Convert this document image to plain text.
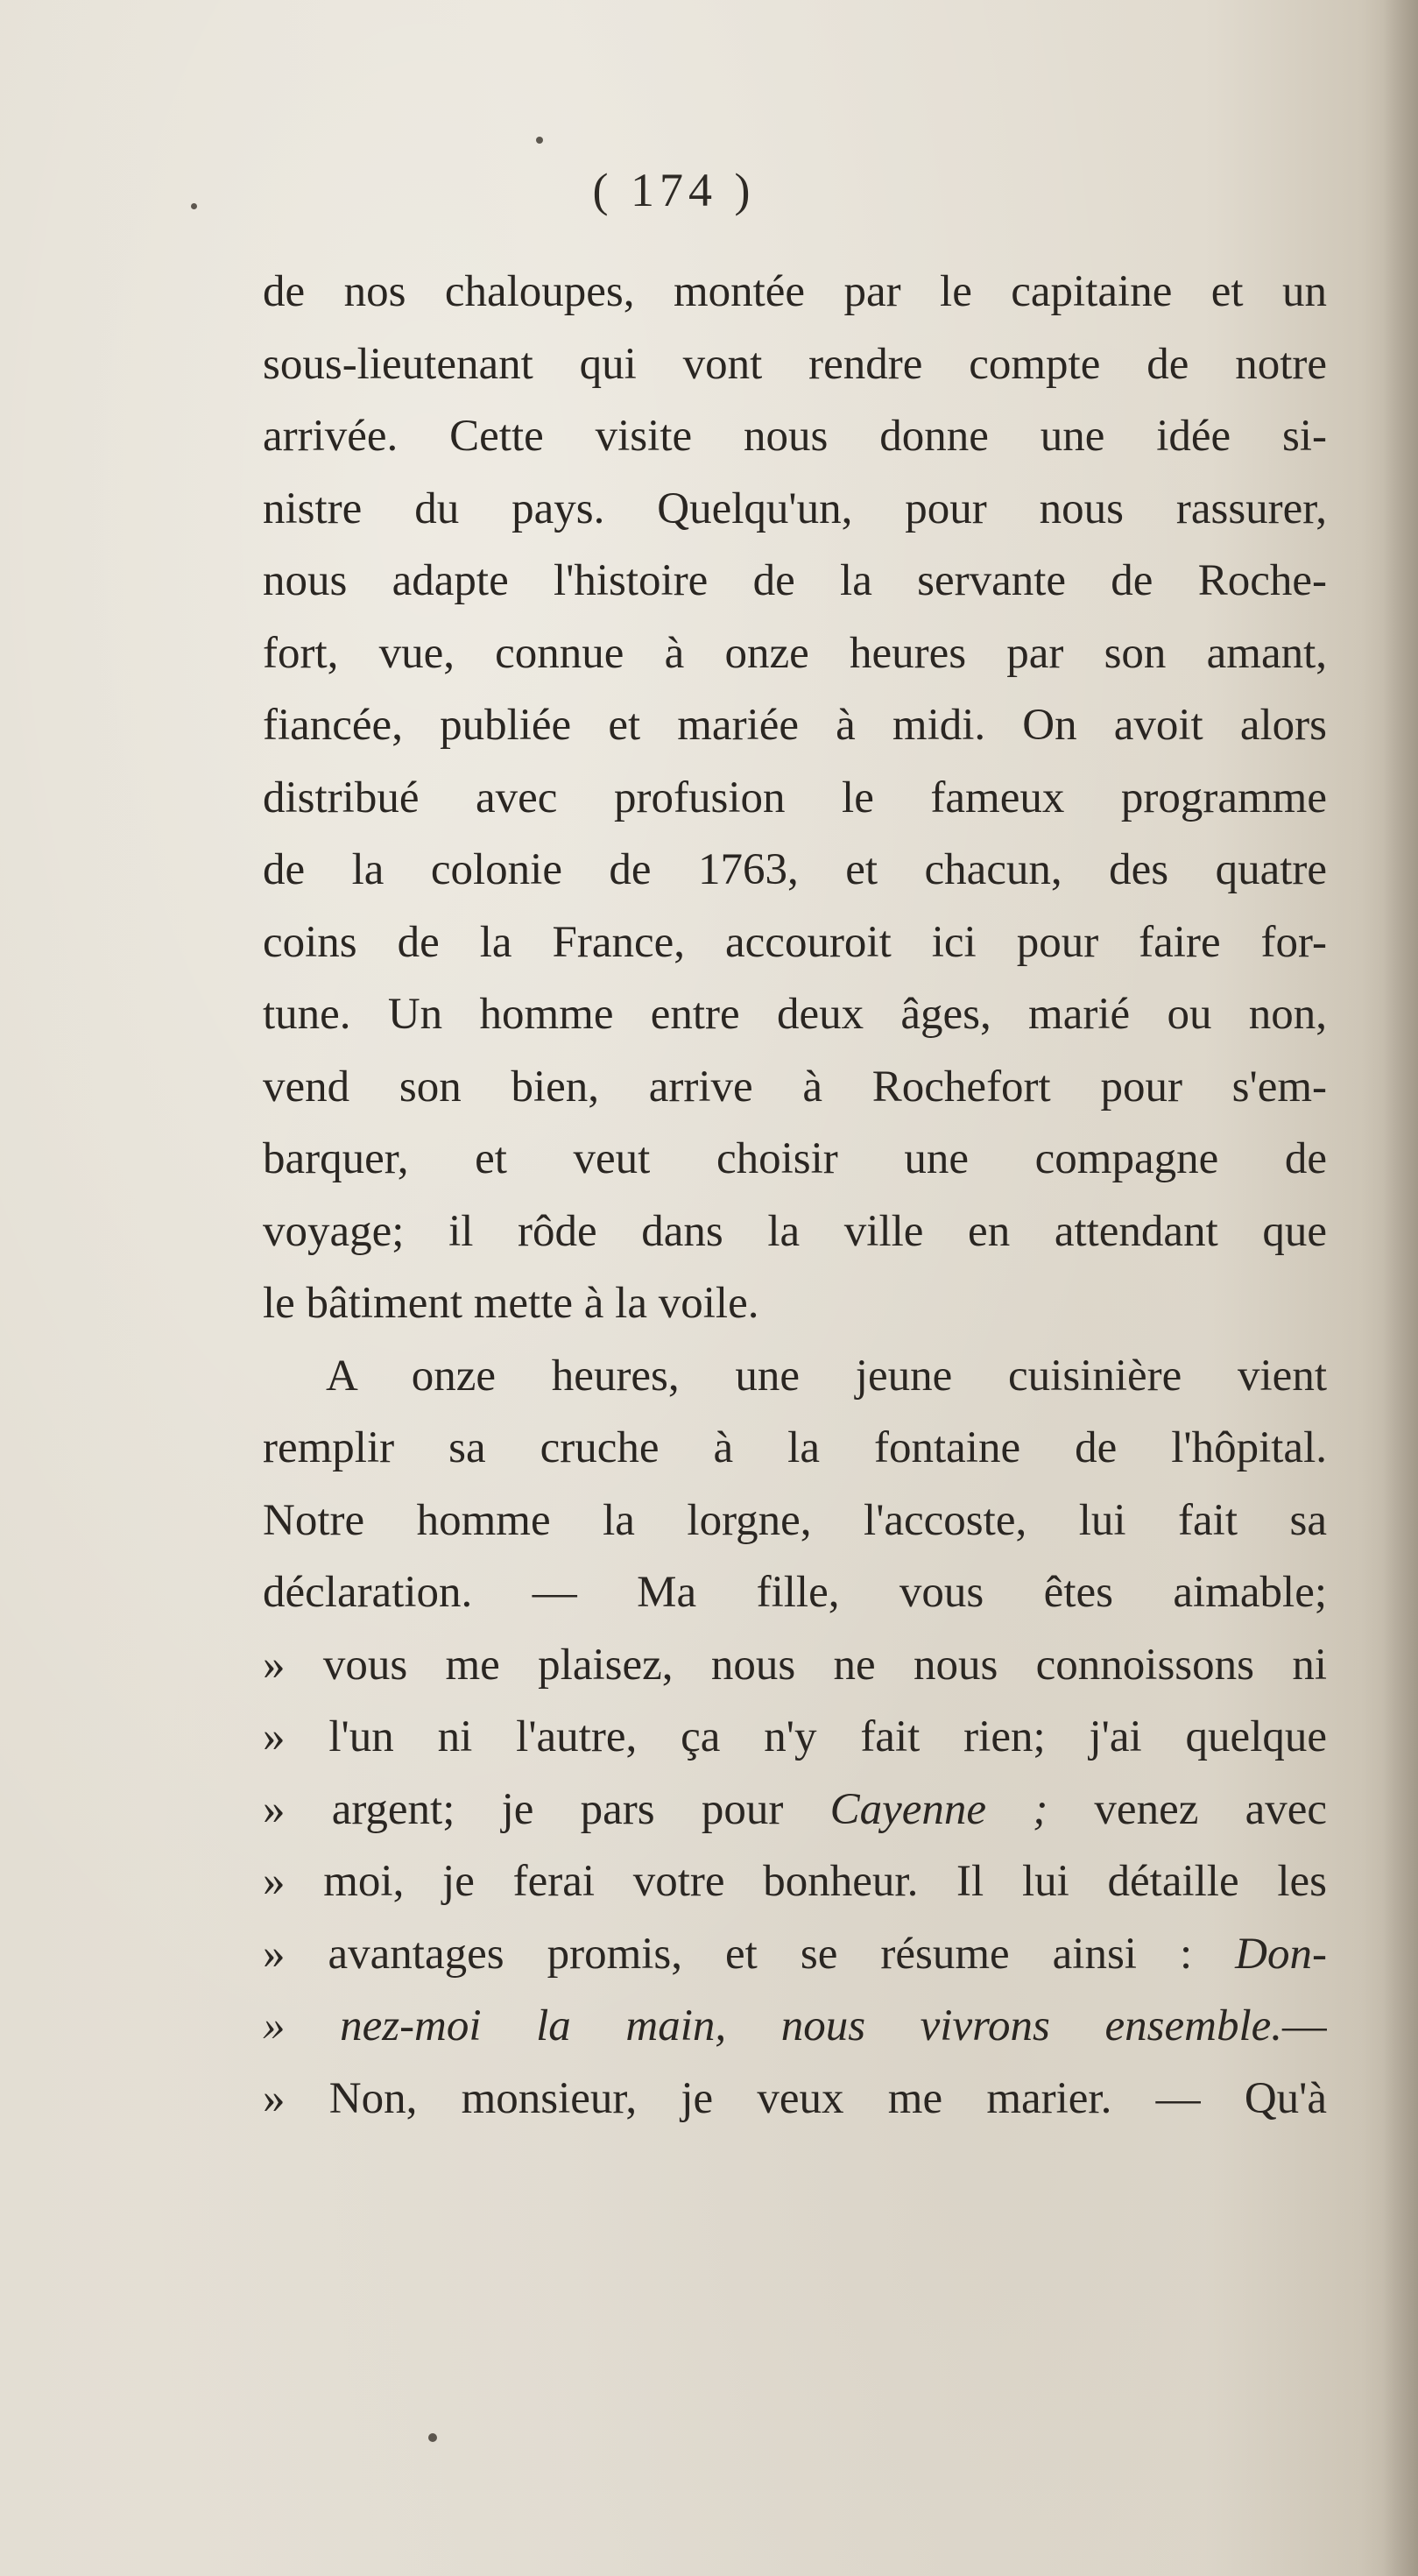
( 174 )
de nos chaloupes, montée par le capitaine et un
sous-lieutenant qui vont rendre compte de notre
arrivée. Cette visite nous donne une idée si-
nistre du pays. Quelqu'un, pour nous rassurer,
nous adapte l'histoire de la servante de Roche-
fort, vue, connue à onze heures par son amant,
fiancée, publiée et mariée à midi. On avoit alors
distribué avec profusion le fameux programme
de la colonie de 1763, et chacun, des quatre
coins de la France, accouroit ici pour faire for-
tune. Un homme entre deux âges, marié ou non,
vend son bien, arrive à Rochefort pour s'em-
barquer, et veut choisir une compagne de
voyage; il rôde dans la ville en attendant que
le bâtiment mette à la voile.
A onze heures, une jeune cuisinière vient
remplir sa cruche à la fontaine de l'hôpital.
Notre homme la lorgne, l'accoste, lui fait sa
déclaration. — Ma fille, vous êtes aimable;
» vous me plaisez, nous ne nous connoissons ni
» l'un ni l'autre, ça n'y fait rien; j'ai quelque
» argent; je pars pour Cayenne ; venez avec
» moi, je ferai votre bonheur. Il lui détaille les
» avantages promis, et se résume ainsi : Don-
» nez-moi la main, nous vivrons ensemble.—
» Non, monsieur, je veux me marier. — Qu'à
